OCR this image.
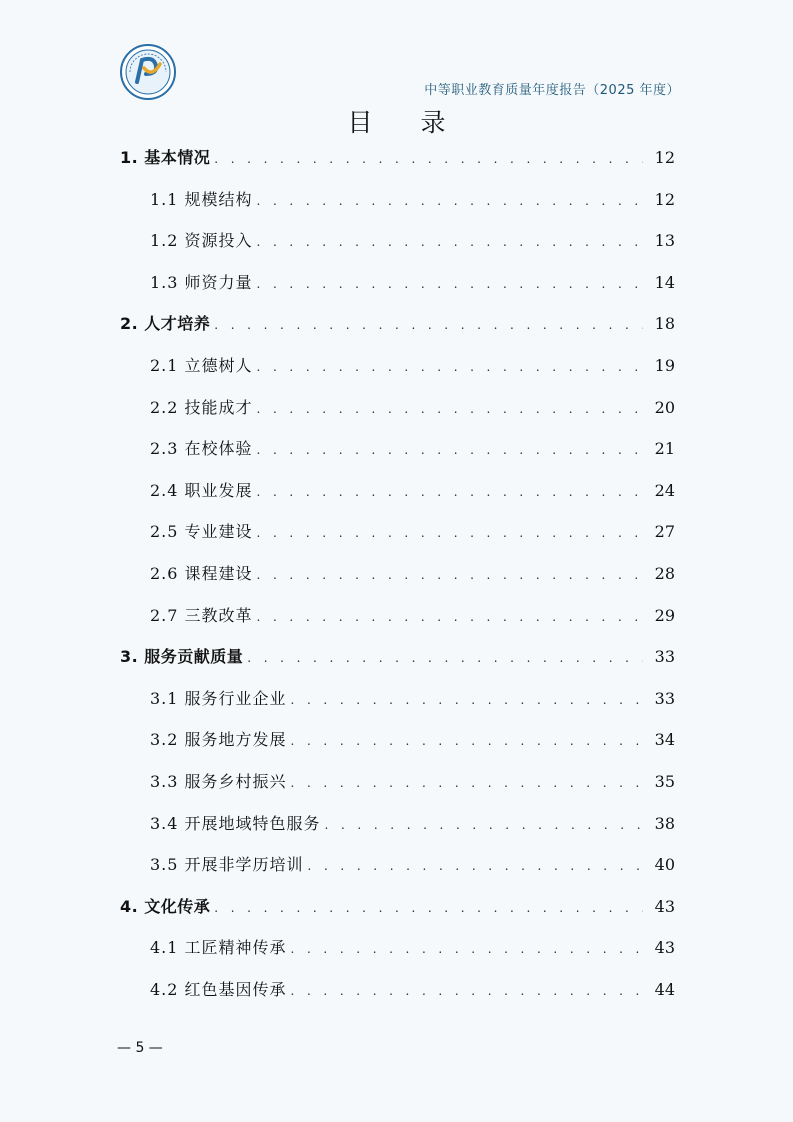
中等职业教育质量年度报告（2025 年度）
目 录
1. 基本情况 . . .	12
1.1 规模结构 . . .	12
1.2 资源投入 . . .	13
1.3 师资力量 . . .	14
2. 人才培养 . . .	18
2.1 立德树人 . . .	19
2.2 技能成才 . . .	20
2.3 在校体验 . . .	21
2.4 职业发展 . . .	24
2.5 专业建设 . . .	27
2.6 课程建设 . . .	28
2.7 三教改革 . . .	29
3. 服务贡献质量 . . .	33
3.1 服务行业企业 . . .	33
3.2 服务地方发展 . . .	34
3.3 服务乡村振兴 . . .	35
3.4 开展地域特色服务 . . .	38
3.5 开展非学历培训 . . .	40
4. 文化传承 . . .	43
4.1 工匠精神传承 . . .	43
4.2 红色基因传承 . . .	44
— 5 —
